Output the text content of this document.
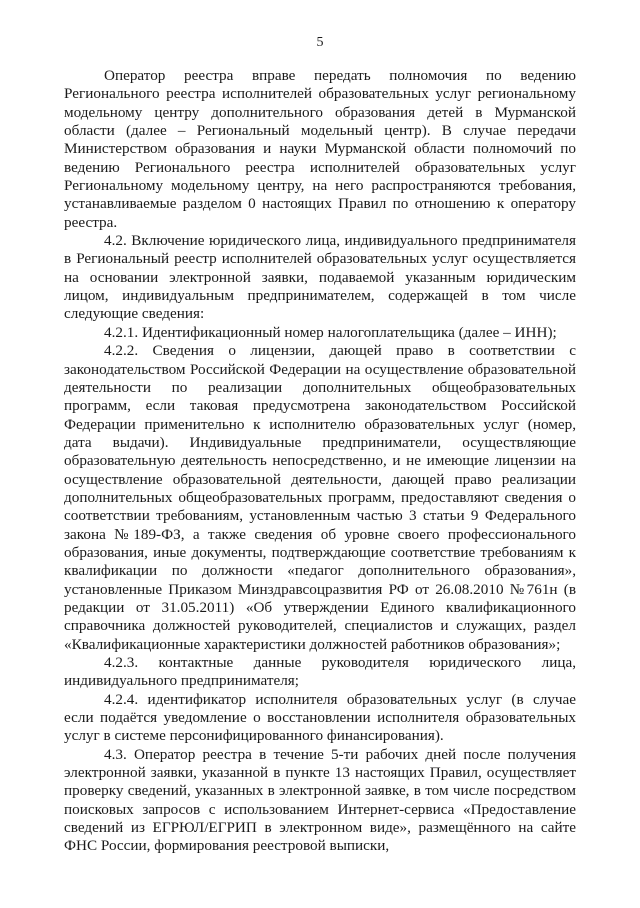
5

Оператор реестра вправе передать полномочия по ведению Регионального реестра исполнителей образовательных услуг региональному модельному центру дополнительного образования детей в Мурманской области (далее – Региональный модельный центр). В случае передачи Министерством образования и науки Мурманской области полномочий по ведению Регионального реестра исполнителей образовательных услуг Региональному модельному центру, на него распространяются требования, устанавливаемые разделом 0 настоящих Правил по отношению к оператору реестра.

4.2. Включение юридического лица, индивидуального предпринимателя в Региональный реестр исполнителей образовательных услуг осуществляется на основании электронной заявки, подаваемой указанным юридическим лицом, индивидуальным предпринимателем, содержащей в том числе следующие сведения:

4.2.1. Идентификационный номер налогоплательщика (далее – ИНН);

4.2.2. Сведения о лицензии, дающей право в соответствии с законодательством Российской Федерации на осуществление образовательной деятельности по реализации дополнительных общеобразовательных программ, если таковая предусмотрена законодательством Российской Федерации применительно к исполнителю образовательных услуг (номер, дата выдачи). Индивидуальные предприниматели, осуществляющие образовательную деятельность непосредственно, и не имеющие лицензии на осуществление образовательной деятельности, дающей право реализации дополнительных общеобразовательных программ, предоставляют сведения о соответствии требованиям, установленным частью 3 статьи 9 Федерального закона №189-ФЗ, а также сведения об уровне своего профессионального образования, иные документы, подтверждающие соответствие требованиям к квалификации по должности «педагог дополнительного образования», установленные Приказом Минздравсоцразвития РФ от 26.08.2010 №761н (в редакции от 31.05.2011) «Об утверждении Единого квалификационного справочника должностей руководителей, специалистов и служащих, раздел «Квалификационные характеристики должностей работников образования»;

4.2.3. контактные данные руководителя юридического лица, индивидуального предпринимателя;

4.2.4. идентификатор исполнителя образовательных услуг (в случае если подаётся уведомление о восстановлении исполнителя образовательных услуг в системе персонифицированного финансирования).

4.3. Оператор реестра в течение 5-ти рабочих дней после получения электронной заявки, указанной в пункте 13 настоящих Правил, осуществляет проверку сведений, указанных в электронной заявке, в том числе посредством поисковых запросов с использованием Интернет-сервиса «Предоставление сведений из ЕГРЮЛ/ЕГРИП в электронном виде», размещённого на сайте ФНС России, формирования реестровой выписки,
